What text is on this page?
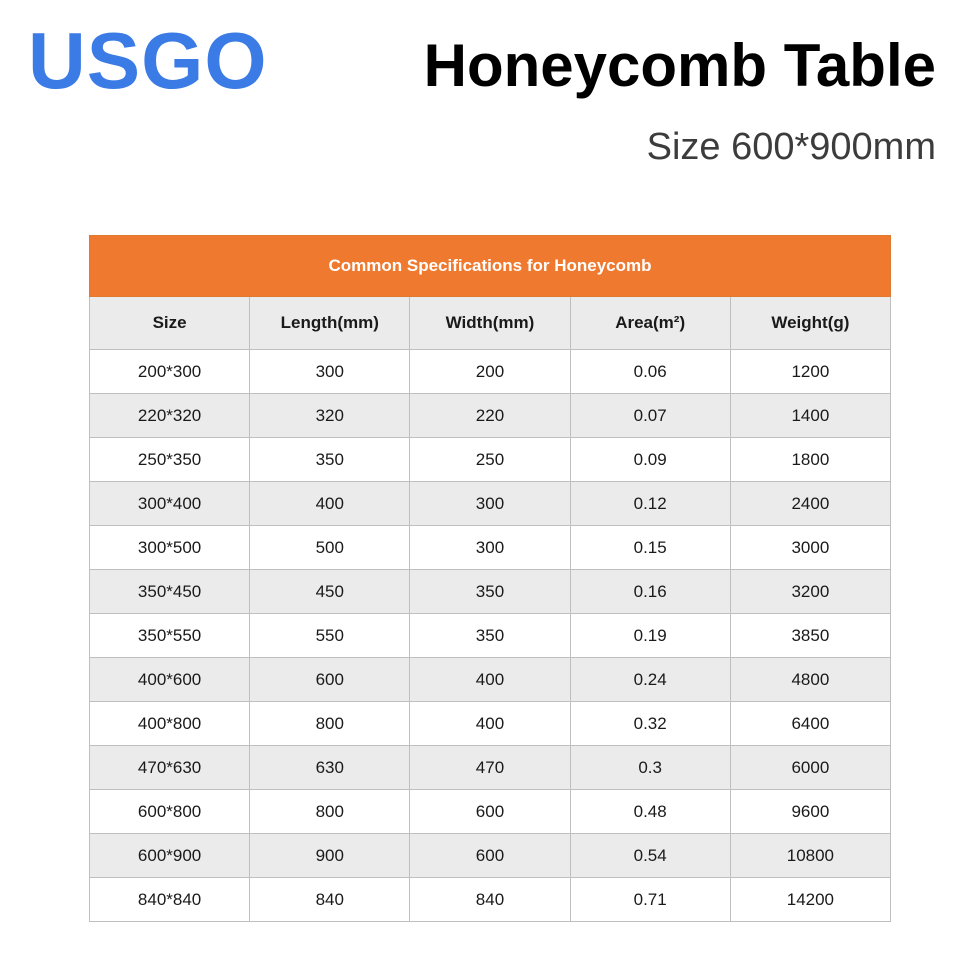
USGO	Honeycomb Table
Size 600*900mm
Common Specifications for Honeycomb				
Size	Length(mm)	Width(mm)	Area(m²)	Weight(g)
200*300	300	200	0.06	1200
220*320	320	220	0.07	1400
250*350	350	250	0.09	1800
300*400	400	300	0.12	2400
300*500	500	300	0.15	3000
350*450	450	350	0.16	3200
350*550	550	350	0.19	3850
400*600	600	400	0.24	4800
400*800	800	400	0.32	6400
470*630	630	470	0.3	6000
600*800	800	600	0.48	9600
600*900	900	600	0.54	10800
840*840	840	840	0.71	14200
